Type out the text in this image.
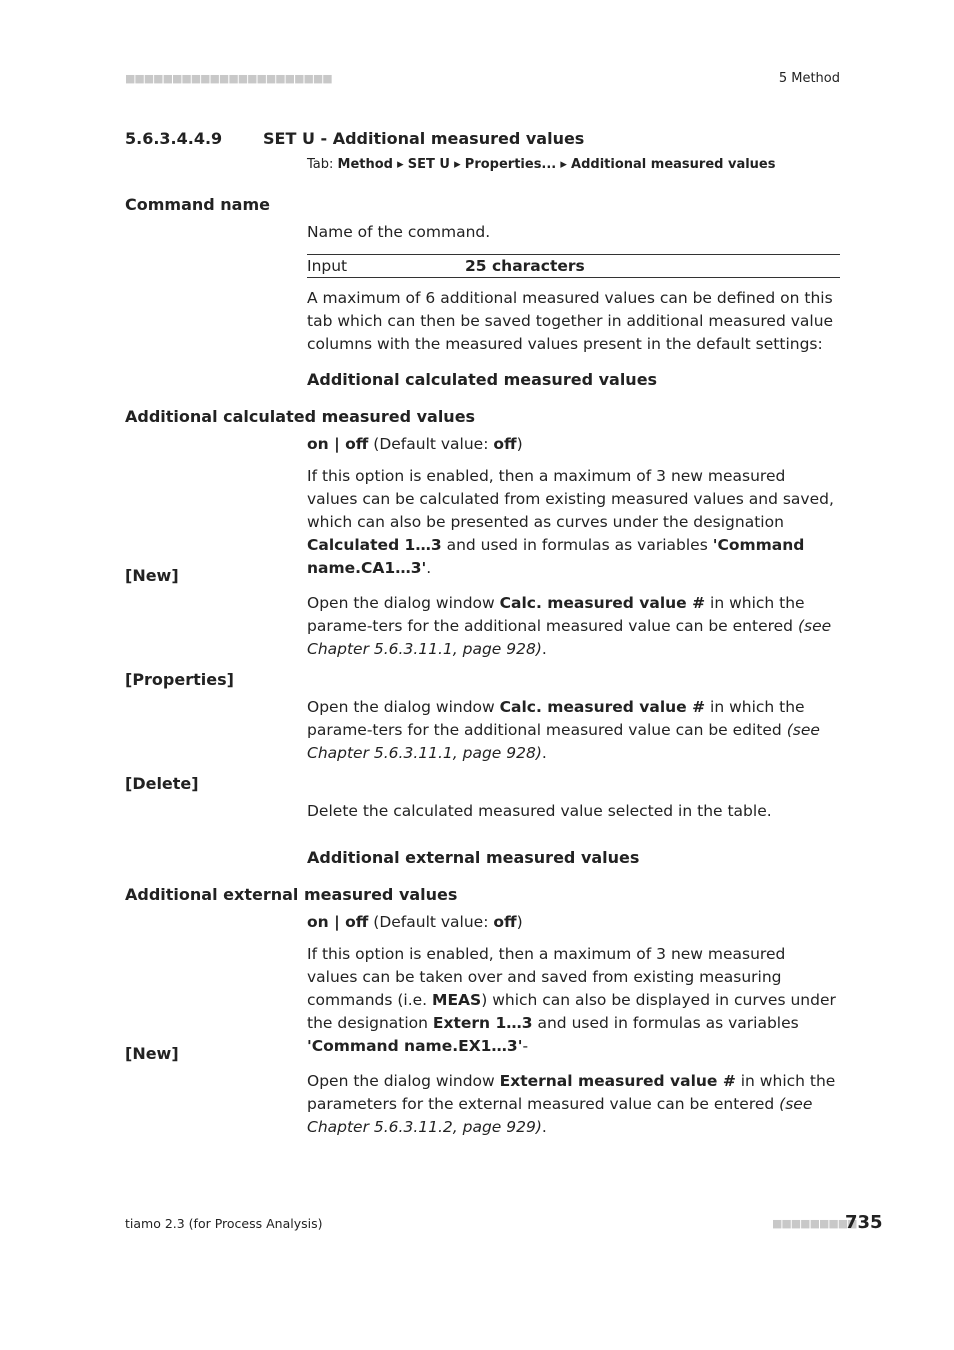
■■■■■■■■■■■■■■■■■■■■■■	5 Method
5.6.3.4.4.9	SET U - Additional measured values
Tab: Method ▸ SET U ▸ Properties... ▸ Additional measured values
Command name
Name of the command.
Input	25 characters
A maximum of 6 additional measured values can be defined on this tab which can then be saved together in additional measured value columns with the measured values present in the default settings:
Additional calculated measured values
Additional calculated measured values
on | off (Default value: off)
If this option is enabled, then a maximum of 3 new measured values can be calculated from existing measured values and saved, which can also be presented as curves under the designation Calculated 1…3 and used in formulas as variables 'Command name.CA1…3'.
[New]
Open the dialog window Calc. measured value # in which the parame-ters for the additional measured value can be entered (see Chapter 5.6.3.11.1, page 928).
[Properties]
Open the dialog window Calc. measured value # in which the parame-ters for the additional measured value can be edited (see Chapter 5.6.3.11.1, page 928).
[Delete]
Delete the calculated measured value selected in the table.
Additional external measured values
Additional external measured values
on | off (Default value: off)
If this option is enabled, then a maximum of 3 new measured values can be taken over and saved from existing measuring commands (i.e. MEAS) which can also be displayed in curves under the designation Extern 1…3 and used in formulas as variables 'Command name.EX1…3'-
[New]
Open the dialog window External measured value # in which the parameters for the external measured value can be entered (see Chapter 5.6.3.11.2, page 929).
tiamo 2.3 (for Process Analysis)	■■■■■■■■■
735
